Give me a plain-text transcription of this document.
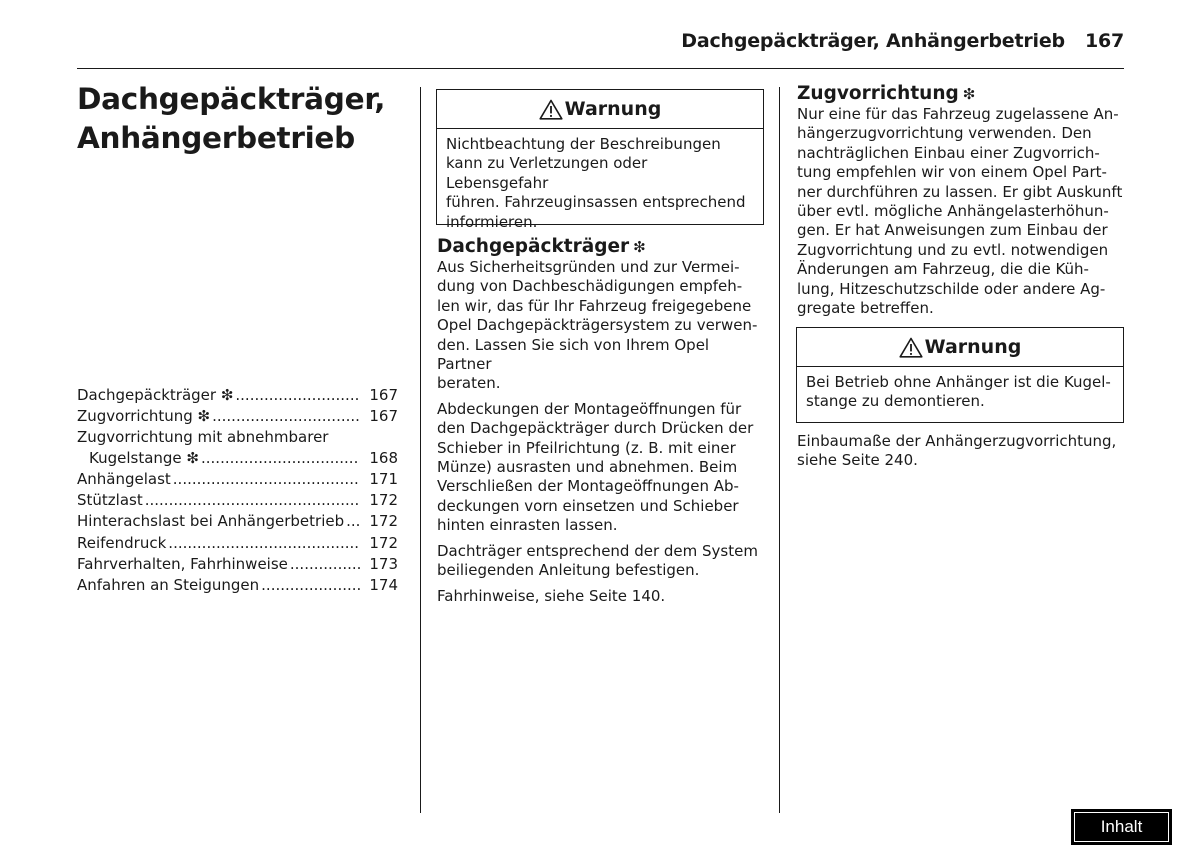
Dachgepäckträger, Anhängerbetrieb 167
Dachgepäckträger,
Anhängerbetrieb
Dachgepäckträger ❇ .....	167
Zugvorrichtung ❇ .....	167
Zugvorrichtung mit abnehmbarer
Kugelstange ❇ .....	168
Anhängelast .....	171
Stützlast .....	172
Hinterachslast bei Anhängerbetrieb .....	172
Reifendruck .....	172
Fahrverhalten, Fahrhinweise .....	173
Anfahren an Steigungen .....	174
Warnung
Nichtbeachtung der Beschreibungen
kann zu Verletzungen oder Lebensgefahr
führen. Fahrzeuginsassen entsprechend
informieren.
Dachgepäckträger ❇
Aus Sicherheitsgründen und zur Vermei-
dung von Dachbeschädigungen empfeh-
len wir, das für Ihr Fahrzeug freigegebene
Opel Dachgepäckträgersystem zu verwen-
den. Lassen Sie sich von Ihrem Opel Partner
beraten.
Abdeckungen der Montageöffnungen für
den Dachgepäckträger durch Drücken der
Schieber in Pfeilrichtung (z. B. mit einer
Münze) ausrasten und abnehmen. Beim
Verschließen der Montageöffnungen Ab-
deckungen vorn einsetzen und Schieber
hinten einrasten lassen.
Dachträger entsprechend der dem System
beiliegenden Anleitung befestigen.
Fahrhinweise, siehe Seite 140.
Zugvorrichtung ❇
Nur eine für das Fahrzeug zugelassene An-
hängerzugvorrichtung verwenden. Den
nachträglichen Einbau einer Zugvorrich-
tung empfehlen wir von einem Opel Part-
ner durchführen zu lassen. Er gibt Auskunft
über evtl. mögliche Anhängelasterhöhun-
gen. Er hat Anweisungen zum Einbau der
Zugvorrichtung und zu evtl. notwendigen
Änderungen am Fahrzeug, die die Küh-
lung, Hitzeschutzschilde oder andere Ag-
gregate betreffen.
Warnung
Bei Betrieb ohne Anhänger ist die Kugel-
stange zu demontieren.
Einbaumaße der Anhängerzugvorrichtung,
siehe Seite 240.
Inhalt
